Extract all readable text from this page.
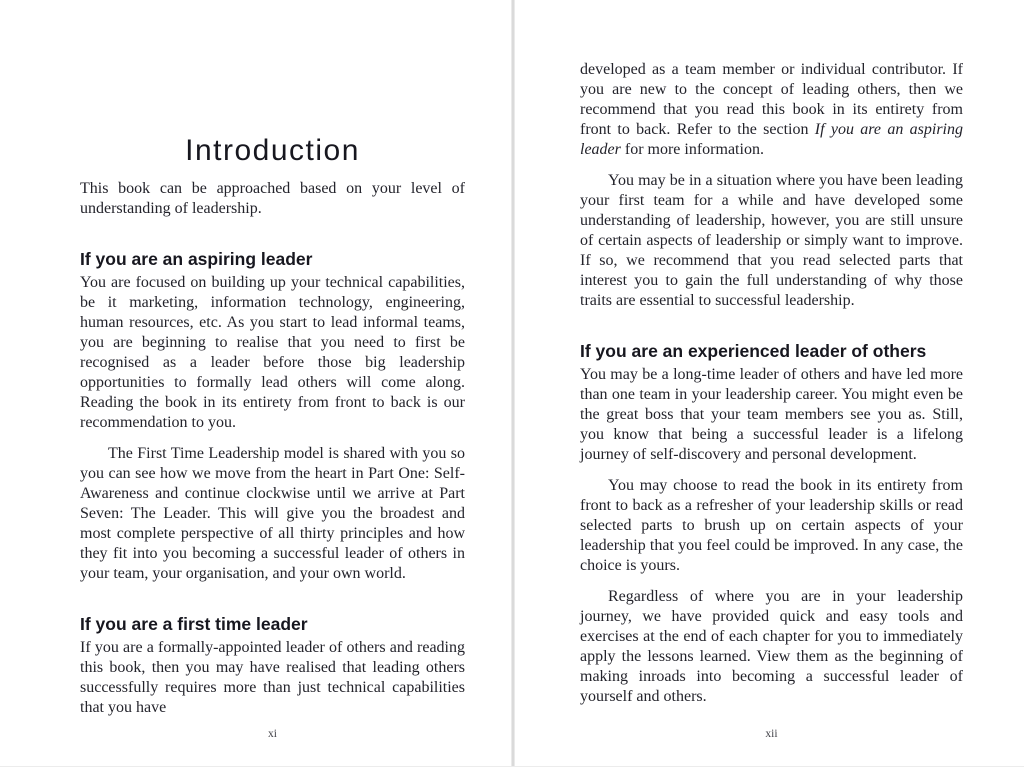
Introduction

This book can be approached based on your level of understanding of leadership.

If you are an aspiring leader

You are focused on building up your technical capabilities, be it marketing, information technology, engineering, human resources, etc. As you start to lead informal teams, you are beginning to realise that you need to first be recognised as a leader before those big leadership opportunities to formally lead others will come along. Reading the book in its entirety from front to back is our recommendation to you.

The First Time Leadership model is shared with you so you can see how we move from the heart in Part One: Self-Awareness and continue clockwise until we arrive at Part Seven: The Leader. This will give you the broadest and most complete perspective of all thirty principles and how they fit into you becoming a successful leader of others in your team, your organisation, and your own world.

If you are a first time leader

If you are a formally-appointed leader of others and reading this book, then you may have realised that leading others successfully requires more than just technical capabilities that you have

xi

developed as a team member or individual contributor. If you are new to the concept of leading others, then we recommend that you read this book in its entirety from front to back. Refer to the section If you are an aspiring leader for more information.

You may be in a situation where you have been leading your first team for a while and have developed some understanding of leadership, however, you are still unsure of certain aspects of leadership or simply want to improve. If so, we recommend that you read selected parts that interest you to gain the full understanding of why those traits are essential to successful leadership.

If you are an experienced leader of others

You may be a long-time leader of others and have led more than one team in your leadership career. You might even be the great boss that your team members see you as. Still, you know that being a successful leader is a lifelong journey of self-discovery and personal development.

You may choose to read the book in its entirety from front to back as a refresher of your leadership skills or read selected parts to brush up on certain aspects of your leadership that you feel could be improved. In any case, the choice is yours.

Regardless of where you are in your leadership journey, we have provided quick and easy tools and exercises at the end of each chapter for you to immediately apply the lessons learned. View them as the beginning of making inroads into becoming a successful leader of yourself and others.

xii
